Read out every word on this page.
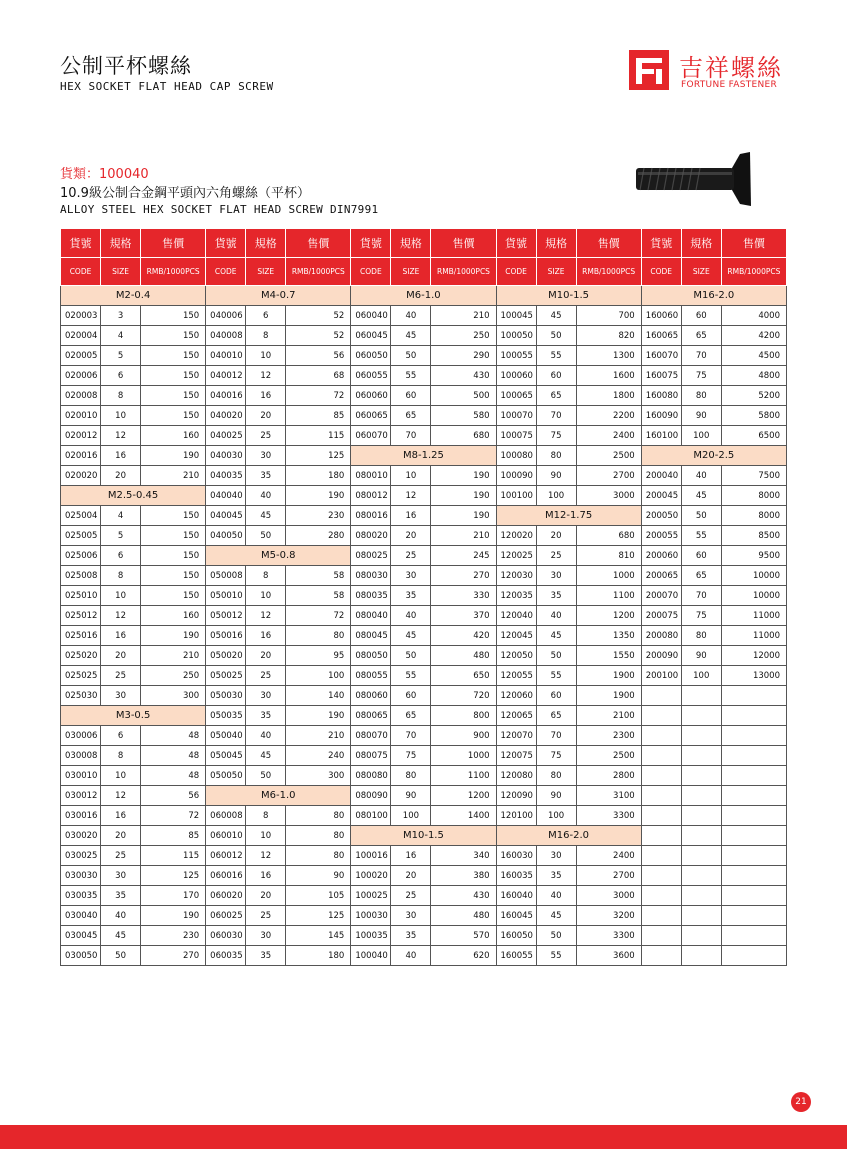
公制平杯螺絲
HEX SOCKET FLAT HEAD CAP SCREW
吉祥螺絲
FORTUNE FASTENER
貨類：100040
10.9級公制合金鋼平頭內六角螺絲（平杯）
ALLOY STEEL HEX SOCKET FLAT HEAD SCREW DIN7991
貨號	規格	售價	貨號	規格	售價	貨號	規格	售價	貨號	規格	售價	貨號	規格	售價
CODE	SIZE	RMB/1000PCS	CODE	SIZE	RMB/1000PCS	CODE	SIZE	RMB/1000PCS	CODE	SIZE	RMB/1000PCS	CODE	SIZE	RMB/1000PCS
M2-0.4			M4-0.7			M6-1.0			M10-1.5			M16-2.0		
020003	3	150	040006	6	52	060040	40	210	100045	45	700	160060	60	4000
020004	4	150	040008	8	52	060045	45	250	100050	50	820	160065	65	4200
020005	5	150	040010	10	56	060050	50	290	100055	55	1300	160070	70	4500
020006	6	150	040012	12	68	060055	55	430	100060	60	1600	160075	75	4800
020008	8	150	040016	16	72	060060	60	500	100065	65	1800	160080	80	5200
020010	10	150	040020	20	85	060065	65	580	100070	70	2200	160090	90	5800
020012	12	160	040025	25	115	060070	70	680	100075	75	2400	160100	100	6500
020016	16	190	040030	30	125	M8-1.25			100080	80	2500	M20-2.5		
020020	20	210	040035	35	180	080010	10	190	100090	90	2700	200040	40	7500
M2.5-0.45			040040	40	190	080012	12	190	100100	100	3000	200045	45	8000
025004	4	150	040045	45	230	080016	16	190	M12-1.75			200050	50	8000
025005	5	150	040050	50	280	080020	20	210	120020	20	680	200055	55	8500
025006	6	150	M5-0.8			080025	25	245	120025	25	810	200060	60	9500
025008	8	150	050008	8	58	080030	30	270	120030	30	1000	200065	65	10000
025010	10	150	050010	10	58	080035	35	330	120035	35	1100	200070	70	10000
025012	12	160	050012	12	72	080040	40	370	120040	40	1200	200075	75	11000
025016	16	190	050016	16	80	080045	45	420	120045	45	1350	200080	80	11000
025020	20	210	050020	20	95	080050	50	480	120050	50	1550	200090	90	12000
025025	25	250	050025	25	100	080055	55	650	120055	55	1900	200100	100	13000
025030	30	300	050030	30	140	080060	60	720	120060	60	1900			
M3-0.5			050035	35	190	080065	65	800	120065	65	2100			
030006	6	48	050040	40	210	080070	70	900	120070	70	2300			
030008	8	48	050045	45	240	080075	75	1000	120075	75	2500			
030010	10	48	050050	50	300	080080	80	1100	120080	80	2800			
030012	12	56	M6-1.0			080090	90	1200	120090	90	3100			
030016	16	72	060008	8	80	080100	100	1400	120100	100	3300			
030020	20	85	060010	10	80	M10-1.5			M16-2.0					
030025	25	115	060012	12	80	100016	16	340	160030	30	2400			
030030	30	125	060016	16	90	100020	20	380	160035	35	2700			
030035	35	170	060020	20	105	100025	25	430	160040	40	3000			
030040	40	190	060025	25	125	100030	30	480	160045	45	3200			
030045	45	230	060030	30	145	100035	35	570	160050	50	3300			
030050	50	270	060035	35	180	100040	40	620	160055	55	3600			
21
